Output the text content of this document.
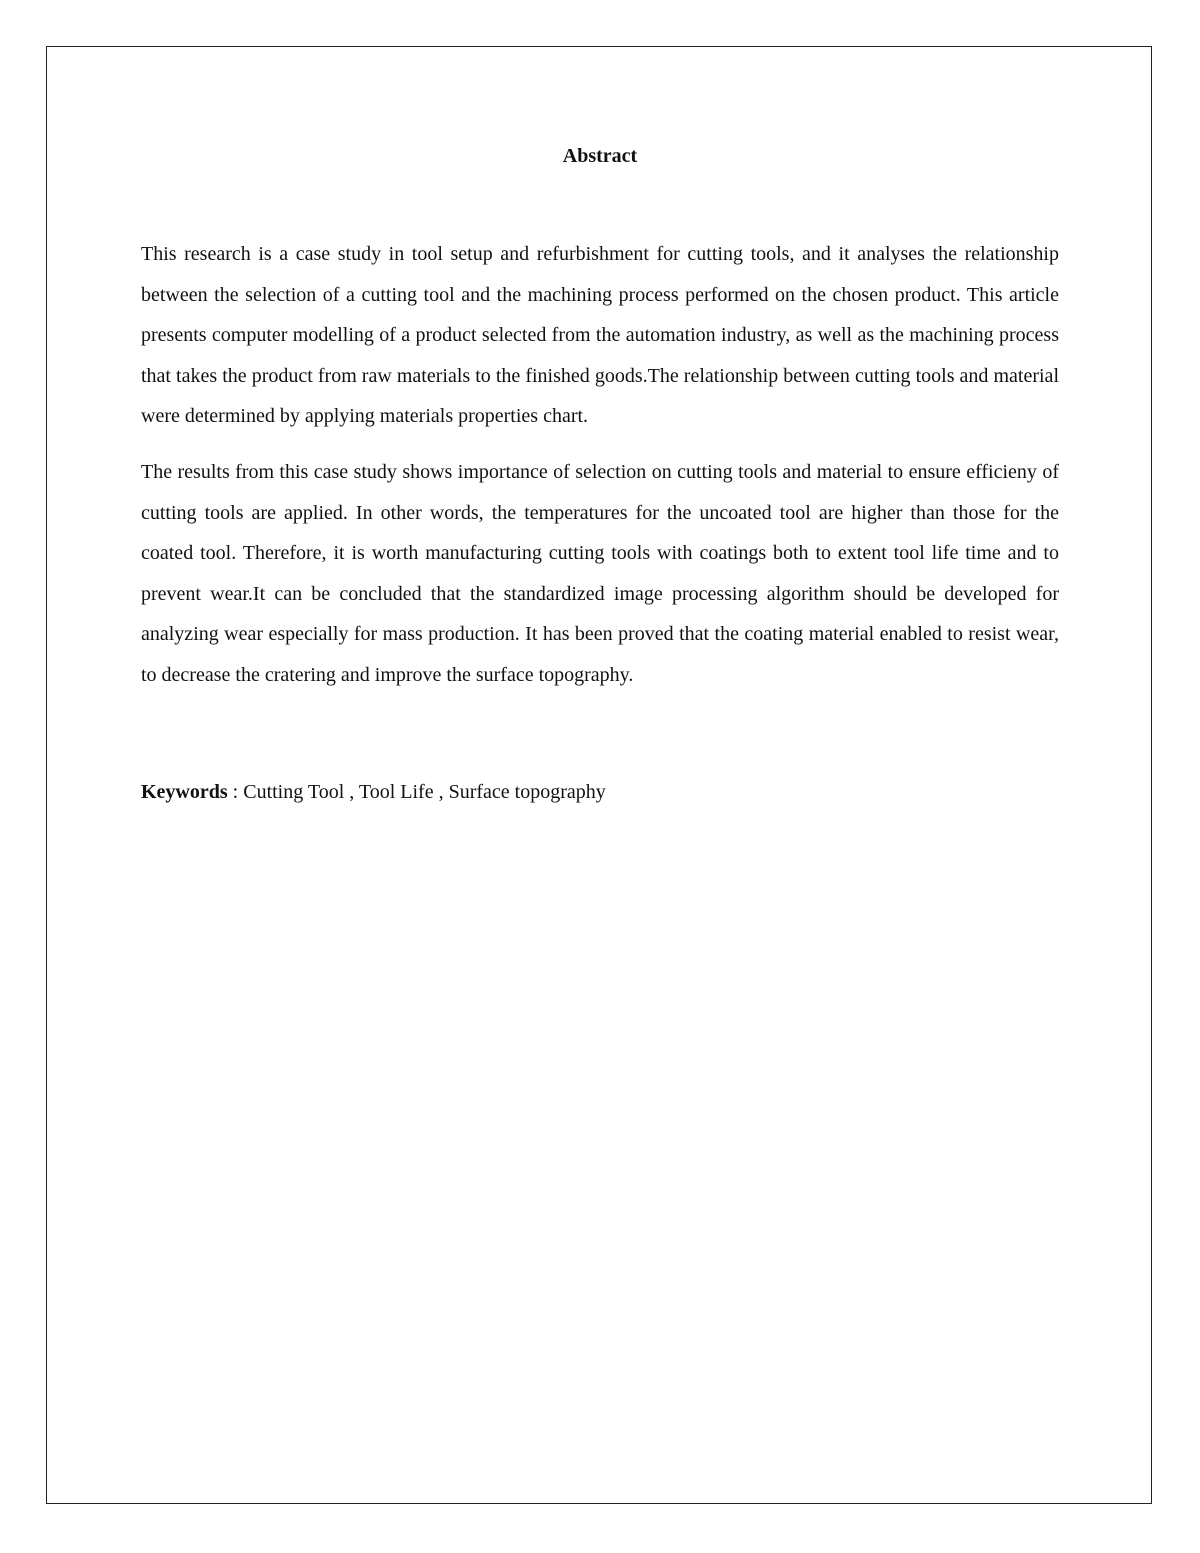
Abstract

This research is a case study in tool setup and refurbishment for cutting tools, and it analyses the relationship between the selection of a cutting tool and the machining process performed on the chosen product. This article presents computer modelling of a product selected from the automation industry, as well as the machining process that takes the product from raw materials to the finished goods.The relationship between cutting tools and material were determined by applying materials properties chart.

The results from this case study shows importance of selection on cutting tools and material to ensure efficieny of cutting tools are applied. In other words, the temperatures for the uncoated tool are higher than those for the coated tool. Therefore, it is worth manufacturing cutting tools with coatings both to extent tool life time and to prevent wear.It can be concluded that the standardized image processing algorithm should be developed for analyzing wear especially for mass production. It has been proved that the coating material enabled to resist wear, to decrease the cratering and improve the surface topography.

Keywords : Cutting Tool , Tool Life , Surface topography
